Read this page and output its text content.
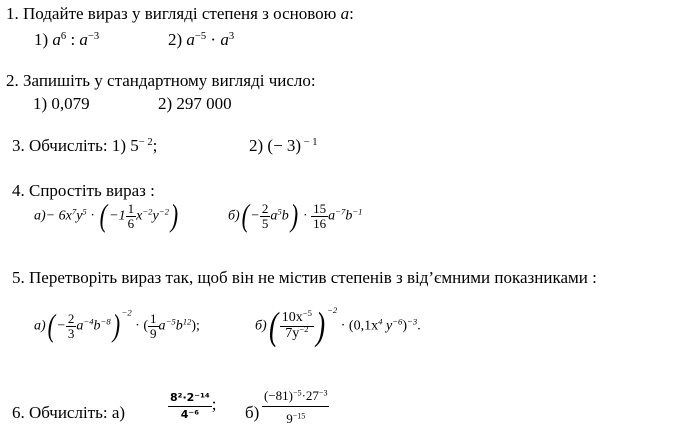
1. Подайте вираз у вигляді степеня з основою a:
1) $a^6$ : $a^{-3}$	2) $a^{-5} \cdot a^3$
2. Запишіть у стандартному вигляді число:
1) 0,079	2) 297 000
3. Обчисліть: 1) $5^{- 2}$;	2) (− 3) $^{- 1}$
4. Спростіть вираз :
$а)- 6x^7y^5$ · ( $-1 \frac{1}{6} x^{-2}y^{-2}$)	$б)( - \frac{2}{5} a^5b) \cdot \frac{15}{16} a^{-7}b^{-1}$
5. Перетворіть вираз так, щоб він не містив степенів з від’ємними показниками :
$а)( - \frac{2}{3} a^{-4}b^{-8})$ $^{-2}$ · ( $\frac{1}{9} a^{-5}b^{12}$);	$б)( \frac{10x^{-5}}{7y^{-2}}$ ) $^{-2} \cdot (0,1x^4$ $y^{-6})^{-3}$.
6. Обчисліть: а)	$\frac{\text{8²·2⁻¹⁴}}{\text{4⁻⁶}}$ ; $б) \frac{(-81)^{-5}\cdot 27^{-3}}{9^{-15}}$
